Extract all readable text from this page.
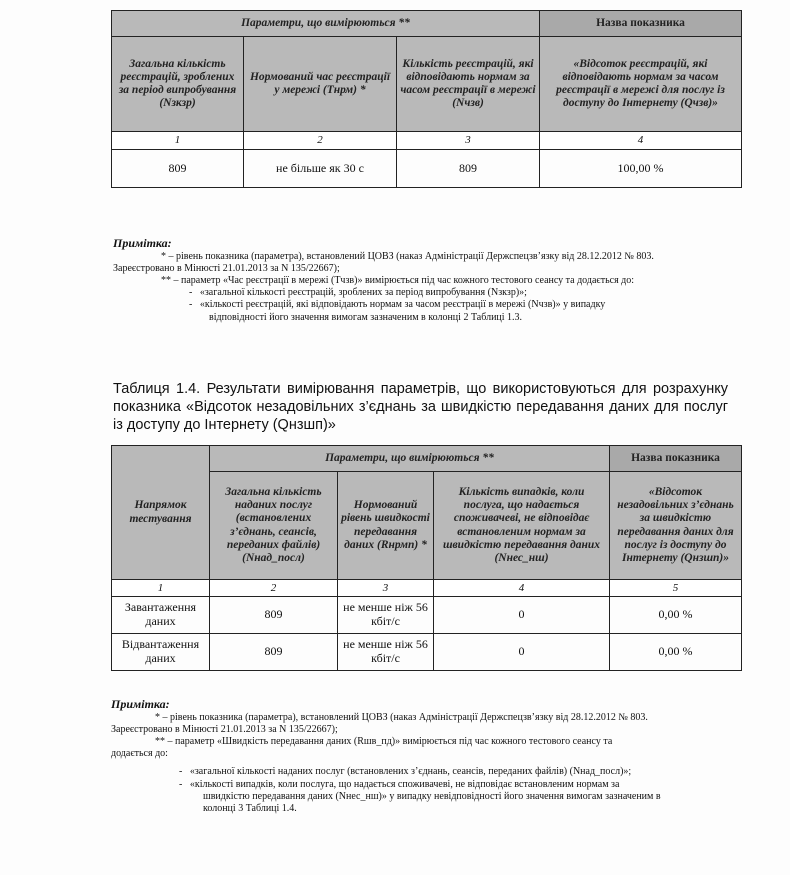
Параметри, що вимірюються **			Назва показника
Загальна кількість реєстрацій, зроблених за період випробування (Nзкзр)	Нормований час реєстрації у мережі (Tнрм) *	Кількість реєстрацій, які відповідають нормам за часом реєстрації в мережі (Nчзв)	«Відсоток реєстрацій, які відповідають нормам за часом реєстрації в мережі для послуг із доступу до Інтернету (Qчзв)»
1	2	3	4
809	не більше як 30 с	809	100,00 %
Примітка:
* – рівень показника (параметра), встановлений ЦОВЗ (наказ Адміністрації Держспецзв’язку від 28.12.2012 № 803.
Зареєстровано в Мінюсті 21.01.2013 за N 135/22667);
** – параметр «Час реєстрації в мережі (Tчзв)» вимірюється під час кожного тестового сеансу та додається до:
-   «загальної кількості реєстрацій, зроблених за період випробування (Nзкзр)»;
-   «кількості реєстрацій, які відповідають нормам за часом реєстрації в мережі (Nчзв)» у випадку
відповідності його значення вимогам зазначеним в колонці 2 Таблиці 1.3.
Таблиця 1.4. Результати вимірювання параметрів, що використовуються для розрахунку показника «Відсоток незадовільних з’єднань за швидкістю передавання даних для послуг із доступу до Інтернету (Qнзшп)»
Напрямок тестування	Параметри, що вимірюються **			Назва показника
	Загальна кількість наданих послуг (встановлених з’єднань, сеансів, переданих файлів) (Nнад_посл)	Нормований рівень швидкості передавання даних (Rнрмп) *	Кількість випадків, коли послуга, що надається споживачеві, не відповідає встановленим нормам за швидкістю передавання даних (Nнес_нш)	«Відсоток незадовільних з’єднань за швидкістю передавання даних для послуг із доступу до Інтернету (Qнзшп)»
1	2	3	4	5
Завантаження даних	809	не менше ніж 56 кбіт/с	0	0,00 %
Відвантаження даних	809	не менше ніж 56 кбіт/с	0	0,00 %
Примітка:
* – рівень показника (параметра), встановлений ЦОВЗ (наказ Адміністрації Держспецзв’язку від 28.12.2012 № 803.
Зареєстровано в Мінюсті 21.01.2013 за N 135/22667);
** – параметр «Швидкість передавання даних (Rшв_пд)» вимірюється під час кожного тестового сеансу та
додається до:
-   «загальної кількості наданих послуг (встановлених з’єднань, сеансів, переданих файлів) (Nнад_посл)»;
-   «кількості випадків, коли послуга, що надається споживачеві, не відповідає встановленим нормам за
швидкістю передавання даних (Nнес_нш)» у випадку невідповідності його значення вимогам зазначеним в
колонці 3 Таблиці 1.4.
